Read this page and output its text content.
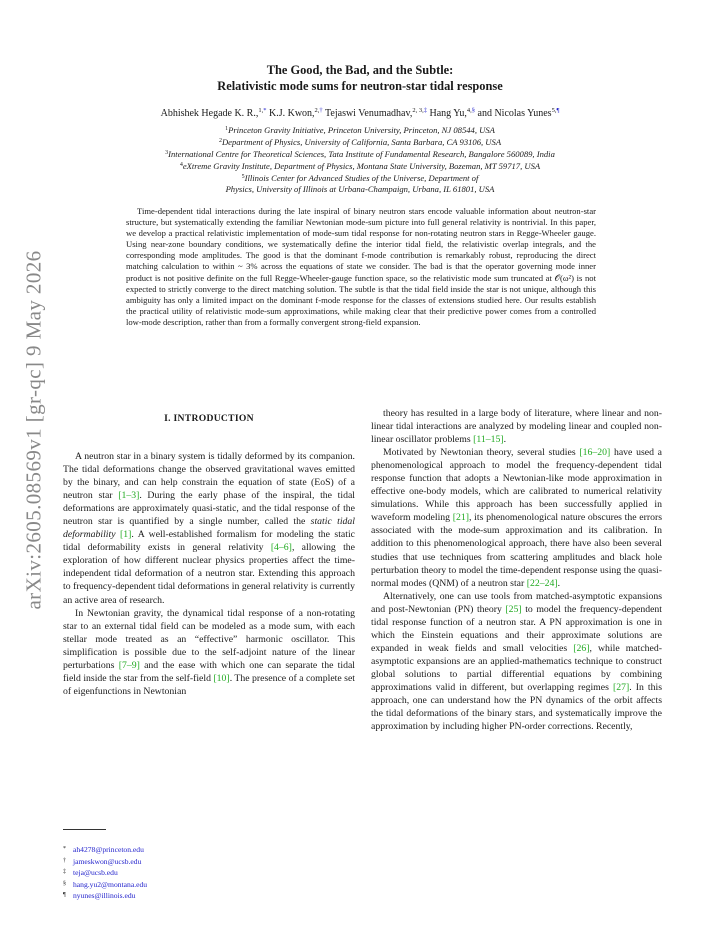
The Good, the Bad, and the Subtle:
Relativistic mode sums for neutron-star tidal response
Abhishek Hegade K. R.,$^{1,*}$ K.J. Kwon,$^{2,\dagger}$ Tejaswi Venumadhav,$^{2, 3,\ddagger}$ Hang Yu,$^{4,\S}$ and Nicolas Yunes$^{5,\P}$
$^1$Princeton Gravity Initiative, Princeton University, Princeton, NJ 08544, USA
$^2$Department of Physics, University of California, Santa Barbara, CA 93106, USA
$^3$International Centre for Theoretical Sciences, Tata Institute of Fundamental Research, Bangalore 560089, India
$^4$eXtreme Gravity Institute, Department of Physics, Montana State University, Bozeman, MT 59717, USA
$^5$Illinois Center for Advanced Studies of the Universe, Department of
Physics, University of Illinois at Urbana-Champaign, Urbana, IL 61801, USA
Time-dependent tidal interactions during the late inspiral of binary neutron stars encode valuable information about neutron-star structure, but systematically extending the familiar Newtonian mode-sum picture into full general relativity is nontrivial. In this paper, we develop a practical relativistic implementation of mode-sum tidal response for non-rotating neutron stars in Regge-Wheeler gauge. Using near-zone boundary conditions, we systematically define the interior tidal field, the relativistic overlap integrals, and the corresponding mode amplitudes. The good is that the dominant f-mode contribution is remarkably robust, reproducing the direct matching calculation to within ~ 3% across the equations of state we consider. The bad is that the operator governing mode inner product is not positive definite on the full Regge-Wheeler-gauge function space, so the relativistic mode sum truncated at 𝒪(ω²) is not expected to strictly converge to the direct matching solution. The subtle is that the tidal field inside the star is not unique, although this ambiguity has only a limited impact on the dominant f-mode response for the classes of extensions studied here. Our results establish the practical utility of relativistic mode-sum approximations, while making clear that their predictive power comes from a controlled low-mode description, rather than from a formally convergent strong-field expansion.
arXiv:2605.08569v1 [gr-qc] 9 May 2026	I. INTRODUCTION

A neutron star in a binary system is tidally deformed by its companion. The tidal deformations change the observed gravitational waves emitted by the binary, and can help constrain the equation of state (EoS) of a neutron star [1–3]. During the early phase of the inspiral, the tidal deformations are approximately quasi-static, and the tidal response of the neutron star is quantified by a single number, called the static tidal deformability [1]. A well-established formalism for modeling the static tidal deformability exists in general relativity [4–6], allowing the exploration of how different nuclear physics properties affect the time-independent tidal deformation of a neutron star. Extending this approach to frequency-dependent tidal deformations in general relativity is currently an active area of research.

In Newtonian gravity, the dynamical tidal response of a non-rotating star to an external tidal field can be modeled as a mode sum, with each stellar mode treated as an “effective” harmonic oscillator. This simplification is possible due to the self-adjoint nature of the linear perturbations [7–9] and the ease with which one can separate the tidal field inside the star from the self-field [10]. The presence of a complete set of eigenfunctions in Newtonian

theory has resulted in a large body of literature, where linear and non-linear tidal interactions are analyzed by modeling linear and coupled non-linear oscillator problems [11–15].

Motivated by Newtonian theory, several studies [16–20] have used a phenomenological approach to model the frequency-dependent tidal response function that adopts a Newtonian-like mode approximation in effective one-body models, which are calibrated to numerical relativity simulations. While this approach has been successfully applied in waveform modeling [21], its phenomenological nature obscures the errors associated with the mode-sum approximation and its calibration. In addition to this phenomenological approach, there have also been several studies that use techniques from scattering amplitudes and black hole perturbation theory to model the time-dependent response using the quasi-normal modes (QNM) of a neutron star [22–24].

Alternatively, one can use tools from matched-asymptotic expansions and post-Newtonian (PN) theory [25] to model the frequency-dependent tidal response function of a neutron star. A PN approximation is one in which the Einstein equations and their approximate solutions are expanded in weak fields and small velocities [26], while matched-asymptotic expansions are an applied-mathematics technique to construct global solutions to partial differential equations by combining approximations valid in different, but overlapping regimes [27]. In this approach, one can understand how the PN dynamics of the orbit affects the tidal deformations of the binary stars, and systematically improve the approximation by including higher PN-order corrections. Recently,

* ah4278@princeton.edu
† jameskwon@ucsb.edu
‡ teja@ucsb.edu
§ hang.yu2@montana.edu
¶ nyunes@illinois.edu
